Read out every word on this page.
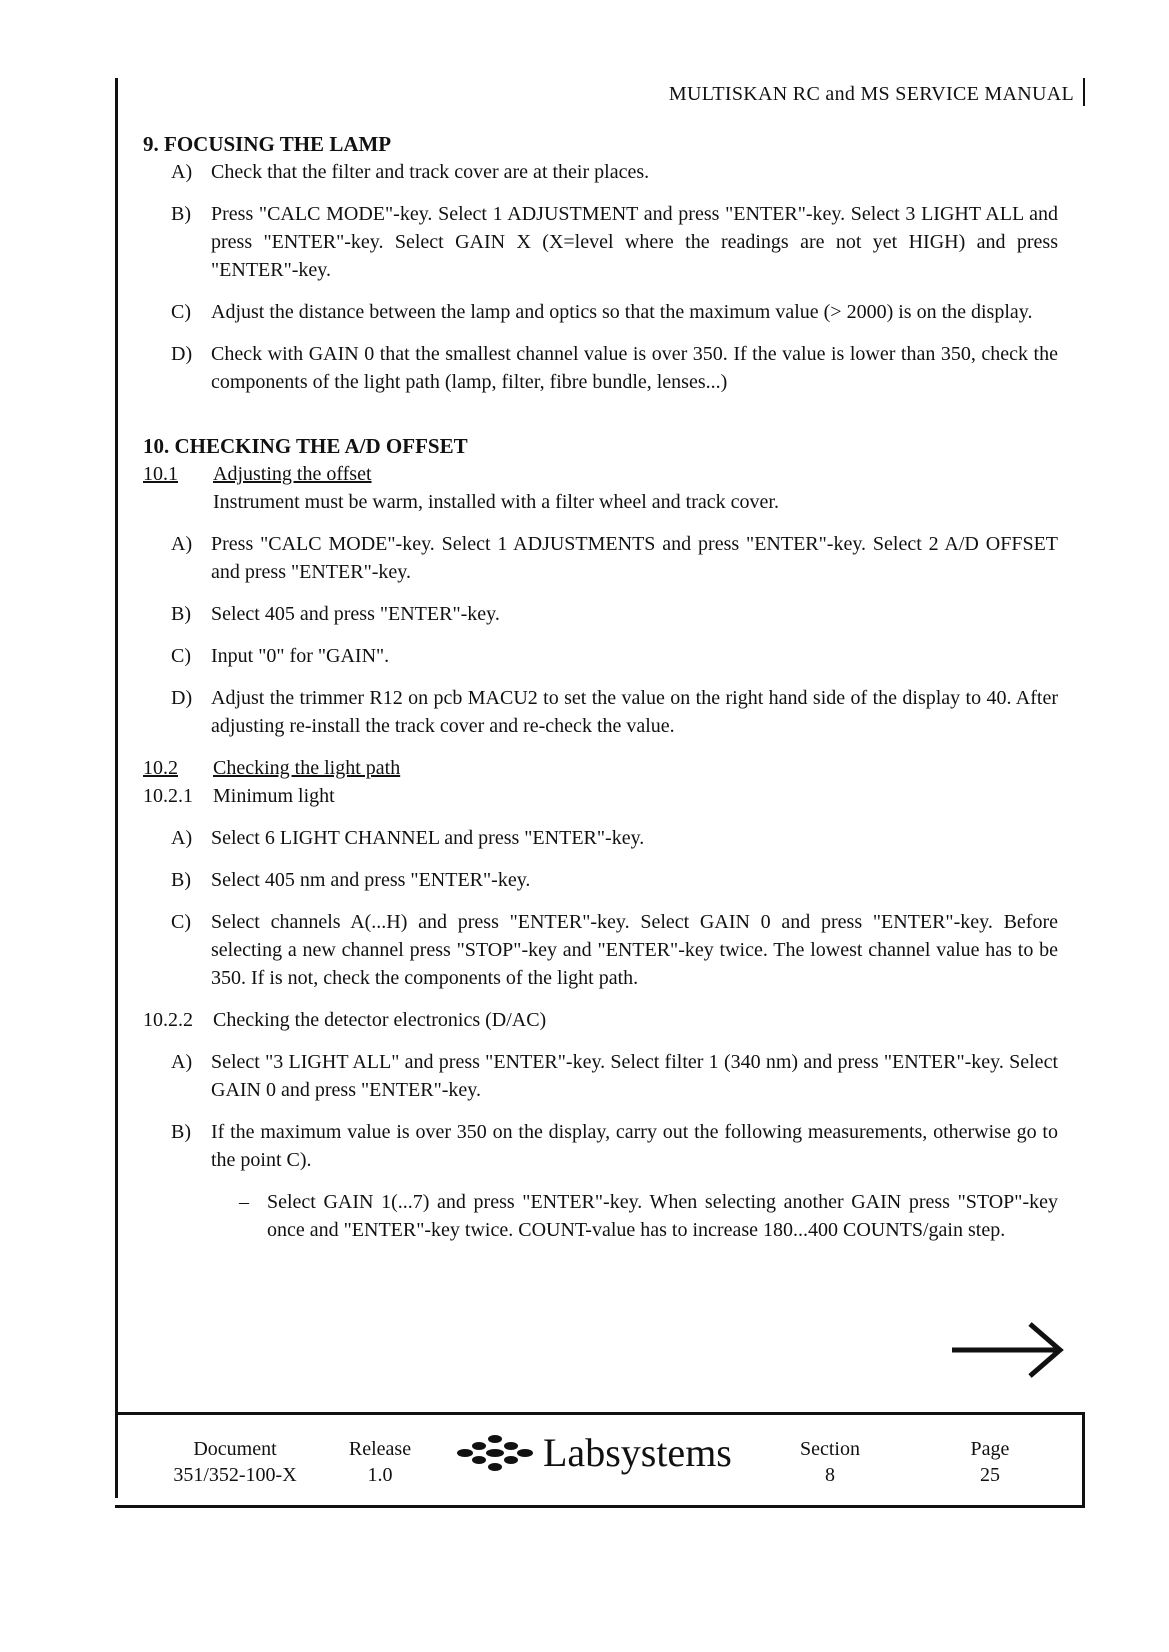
MULTISKAN RC and MS SERVICE MANUAL
9. FOCUSING THE LAMP
A) Check that the filter and track cover are at their places.
B)	Press "CALC MODE"-key. Select 1 ADJUSTMENT and press "ENTER"-key. Select 3 LIGHT ALL and press "ENTER"-key. Select GAIN X (X=level where the readings are not yet HIGH) and press "ENTER"-key.
C)	Adjust the distance between the lamp and optics so that the maximum value (> 2000) is on the display.
D) Check with GAIN 0 that the smallest channel value is over 350. If the value is lower than 350, check the components of the light path (lamp, filter, fibre bundle, lenses...)
10. CHECKING THE A/D OFFSET
10.1	Adjusting the offset
Instrument must be warm, installed with a filter wheel and track cover.
A) Press "CALC MODE"-key. Select 1 ADJUSTMENTS and press "ENTER"-key. Select 2 A/D OFFSET and press "ENTER"-key.
B)	Select 405 and press "ENTER"-key.
C)	Input "0" for "GAIN".
D) Adjust the trimmer R12 on pcb MACU2 to set the value on the right hand side of the display to 40. After adjusting re-install the track cover and re-check the value.
10.2	Checking the light path
10.2.1	Minimum light
A) Select 6 LIGHT CHANNEL and press "ENTER"-key.
B)	Select 405 nm and press "ENTER"-key.
C)	Select channels A(...H) and press "ENTER"-key. Select GAIN 0 and press "ENTER"-key. Before selecting a new channel press "STOP"-key and "ENTER"-key twice. The lowest channel value has to be 350. If is not, check the components of the light path.
10.2.2	Checking the detector electronics (D/AC)
A) Select "3 LIGHT ALL" and press "ENTER"-key. Select filter 1 (340 nm) and press "ENTER"-key. Select GAIN 0 and press "ENTER"-key.
B)	If the maximum value is over 350 on the display, carry out the following measurements, otherwise go to the point C).
– Select GAIN 1(...7) and press "ENTER"-key. When selecting another GAIN press "STOP"-key once and "ENTER"-key twice. COUNT-value has to increase 180...400 COUNTS/gain step.
Document
351/352-100-X
Release
1.0	Labsystems	Section
8
Page
25
